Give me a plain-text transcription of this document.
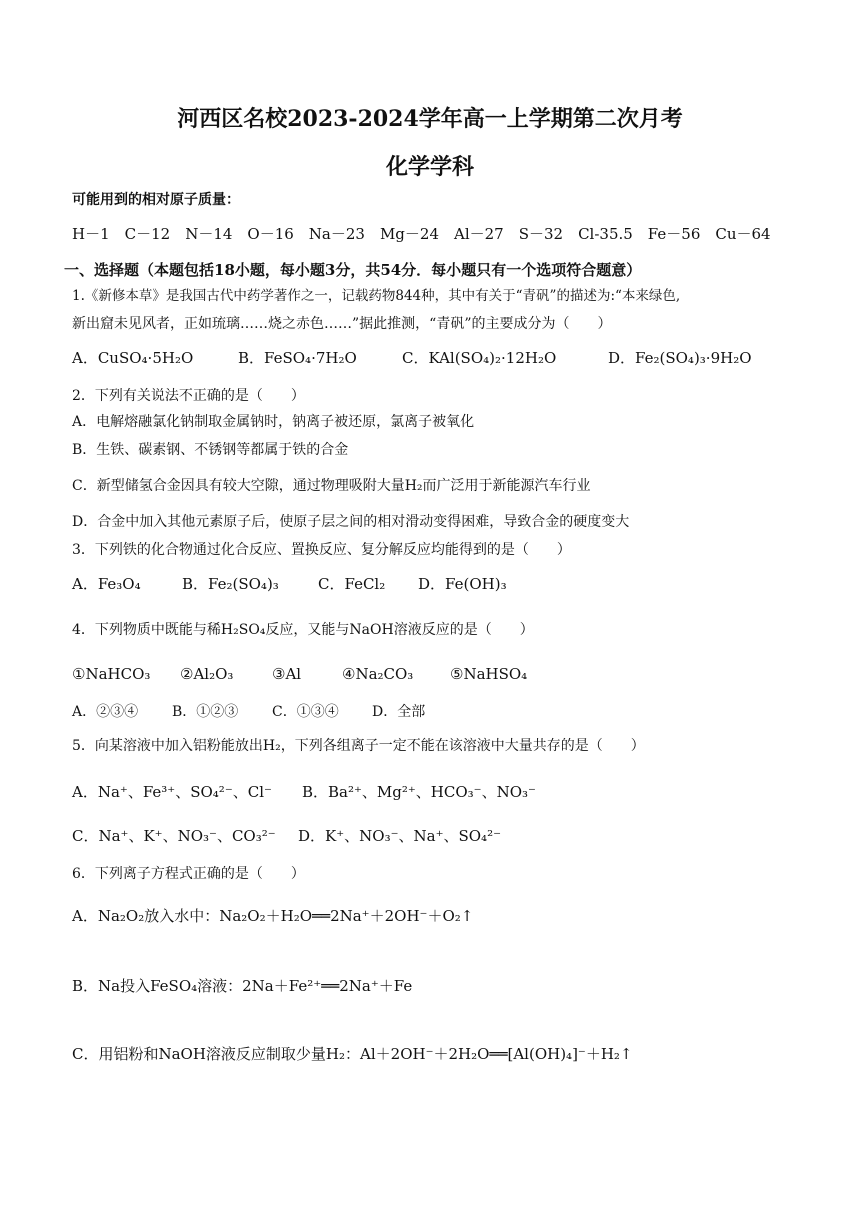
河西区名校2023-2024学年高一上学期第二次月考
化学学科
可能用到的相对原子质量：
H－1　C－12　N－14　O－16　Na－23　Mg－24　Al－27　S－32　Cl-35.5　Fe－56　Cu－64
一、选择题（本题包括18小题，每小题3分，共54分．每小题只有一个选项符合题意）
1.《新修本草》是我国古代中药学著作之一，记载药物844种，其中有关于“青矾”的描述为:“本来绿色,
新出窟未见风者，正如琉璃……烧之赤色……”据此推测，“青矾”的主要成分为（　　）
A．CuSO₄·5H₂O	B．FeSO₄·7H₂O	C．KAl(SO₄)₂·12H₂O	D．Fe₂(SO₄)₃·9H₂O
2．下列有关说法不正确的是（　　）
A．电解熔融氯化钠制取金属钠时，钠离子被还原，氯离子被氧化
B．生铁、碳素钢、不锈钢等都属于铁的合金
C．新型储氢合金因具有较大空隙，通过物理吸附大量H₂而广泛用于新能源汽车行业
D．合金中加入其他元素原子后，使原子层之间的相对滑动变得困难，导致合金的硬度变大
3．下列铁的化合物通过化合反应、置换反应、复分解反应均能得到的是（　　）
A．Fe₃O₄	B．Fe₂(SO₄)₃	C．FeCl₂ D．Fe(OH)₃
4．下列物质中既能与稀H₂SO₄反应，又能与NaOH溶液反应的是（　　）
①NaHCO₃ ②Al₂O₃	③Al	④Na₂CO₃ ⑤NaHSO₄
A．②③④ B．①②③ C．①③④ D．全部
5．向某溶液中加入铝粉能放出H₂，下列各组离子一定不能在该溶液中大量共存的是（　　）
A．Na⁺、Fe³⁺、SO₄²⁻、Cl⁻ B．Ba²⁺、Mg²⁺、HCO₃⁻、NO₃⁻
C．Na⁺、K⁺、NO₃⁻、CO₃²⁻ D．K⁺、NO₃⁻、Na⁺、SO₄²⁻
6．下列离子方程式正确的是（　　）
A．Na₂O₂放入水中：Na₂O₂＋H₂O══2Na⁺＋2OH⁻＋O₂↑
B．Na投入FeSO₄溶液：2Na＋Fe²⁺══2Na⁺＋Fe
C．用铝粉和NaOH溶液反应制取少量H₂：Al＋2OH⁻＋2H₂O══[Al(OH)₄]⁻＋H₂↑
